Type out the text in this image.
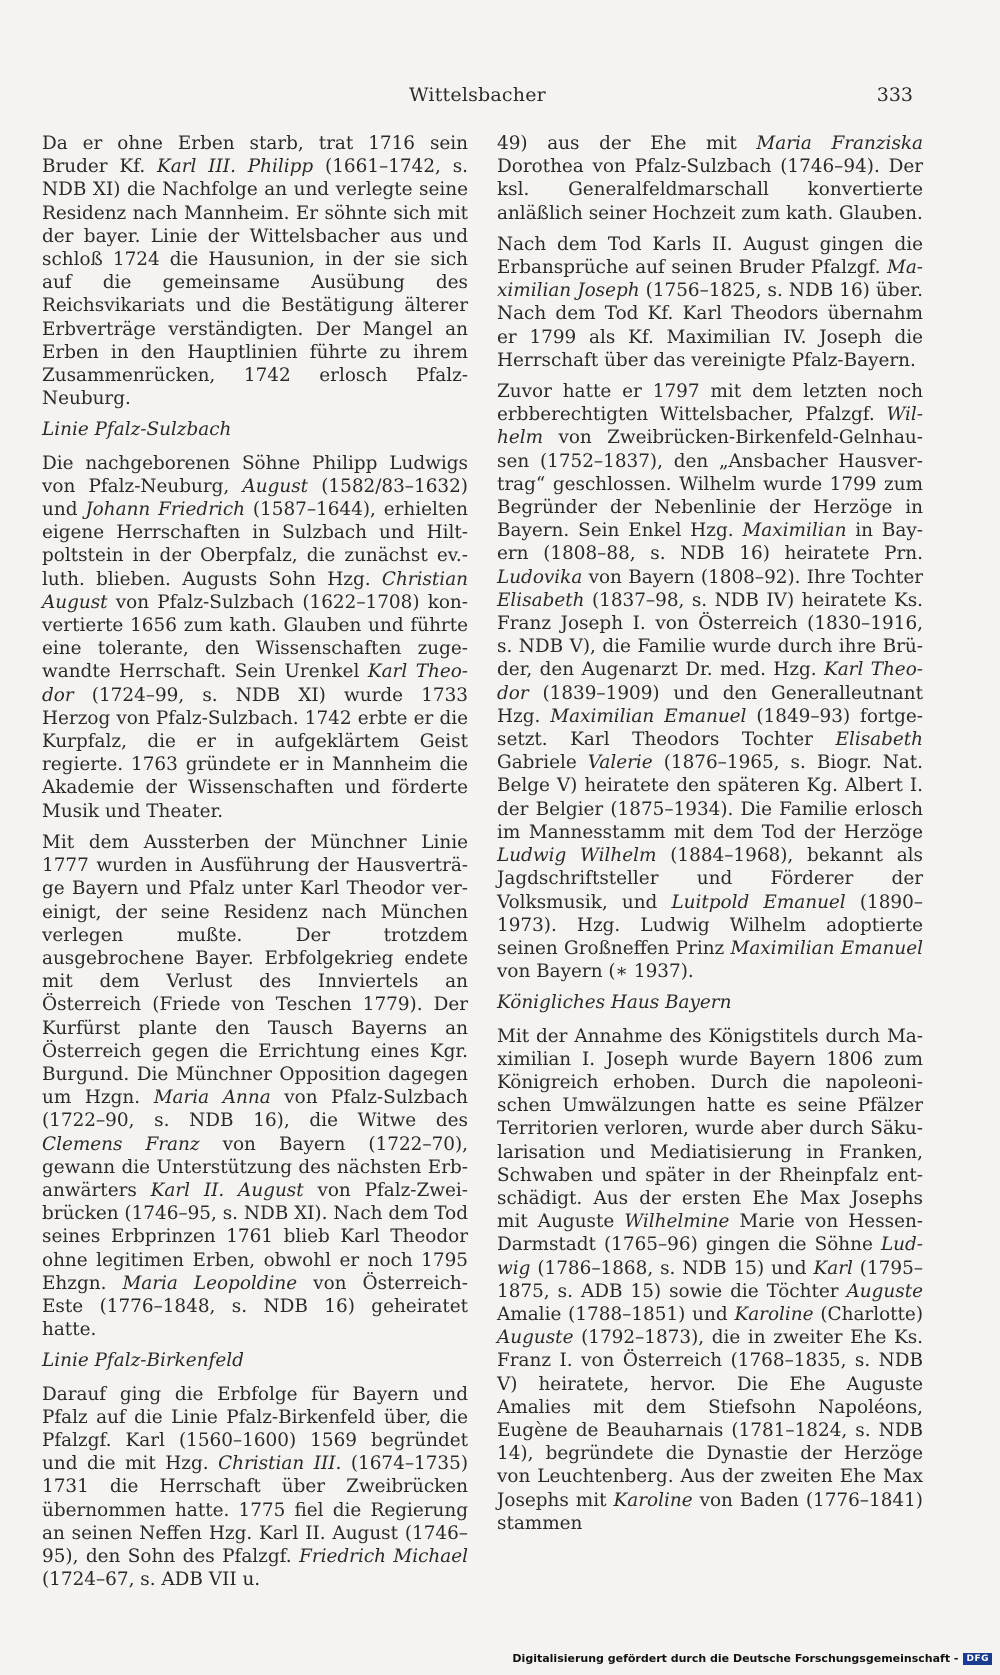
Wittelsbacher	333

Da er ohne Erben starb, trat 1716 sein Bruder Kf. Karl III. Philipp (1661–1742, s. NDB XI) die Nachfolge an und verlegte seine Residenz nach Mannheim. Er söhnte sich mit der bayer. Linie der Wittelsbacher aus und schloß 1724 die Hausunion, in der sie sich auf die gemeinsame Ausübung des Reichsvikariats und die Bestätigung älterer Erbverträge verständigten. Der Mangel an Erben in den Hauptlinien führte zu ihrem Zusammenrücken, 1742 erlosch Pfalz-Neuburg.

Linie Pfalz-Sulzbach

Die nachgeborenen Söhne Philipp Ludwigs von Pfalz-Neuburg, August (1582/83–1632) und Johann Friedrich (1587–1644), erhielten eigene Herrschaften in Sulzbach und Hiltpoltstein in der Oberpfalz, die zunächst ev.-luth. blieben. Augusts Sohn Hzg. Christian August von Pfalz-Sulzbach (1622–1708) konvertierte 1656 zum kath. Glauben und führte eine tolerante, den Wissenschaften zugewandte Herrschaft. Sein Urenkel Karl Theodor (1724–99, s. NDB XI) wurde 1733 Herzog von Pfalz-Sulzbach. 1742 erbte er die Kurpfalz, die er in aufgeklärtem Geist regierte. 1763 gründete er in Mannheim die Akademie der Wissenschaften und förderte Musik und Theater.

Mit dem Aussterben der Münchner Linie 1777 wurden in Ausführung der Hausverträge Bayern und Pfalz unter Karl Theodor vereinigt, der seine Residenz nach München verlegen mußte. Der trotzdem ausgebrochene Bayer. Erbfolgekrieg endete mit dem Verlust des Innviertels an Österreich (Friede von Teschen 1779). Der Kurfürst plante den Tausch Bayerns an Österreich gegen die Errichtung eines Kgr. Burgund. Die Münchner Opposition dagegen um Hzgn. Maria Anna von Pfalz-Sulzbach (1722–90, s. NDB 16), die Witwe des Clemens Franz von Bayern (1722–70), gewann die Unterstützung des nächsten Erbanwärters Karl II. August von Pfalz-Zweibrücken (1746–95, s. NDB XI). Nach dem Tod seines Erbprinzen 1761 blieb Karl Theodor ohne legitimen Erben, obwohl er noch 1795 Ehzgn. Maria Leopoldine von Österreich-Este (1776–1848, s. NDB 16) geheiratet hatte.

Linie Pfalz-Birkenfeld

Darauf ging die Erbfolge für Bayern und Pfalz auf die Linie Pfalz-Birkenfeld über, die Pfalzgf. Karl (1560–1600) 1569 begründet und die mit Hzg. Christian III. (1674–1735) 1731 die Herrschaft über Zweibrücken übernommen hatte. 1775 fiel die Regierung an seinen Neffen Hzg. Karl II. August (1746–95), den Sohn des Pfalzgf. Friedrich Michael (1724–67, s. ADB VII u.

49) aus der Ehe mit Maria Franziska Dorothea von Pfalz-Sulzbach (1746–94). Der ksl. Generalfeldmarschall konvertierte anläßlich seiner Hochzeit zum kath. Glauben.

Nach dem Tod Karls II. August gingen die Erbansprüche auf seinen Bruder Pfalzgf. Maximilian Joseph (1756–1825, s. NDB 16) über. Nach dem Tod Kf. Karl Theodors übernahm er 1799 als Kf. Maximilian IV. Joseph die Herrschaft über das vereinigte Pfalz-Bayern.

Zuvor hatte er 1797 mit dem letzten noch erbberechtigten Wittelsbacher, Pfalzgf. Wilhelm von Zweibrücken-Birkenfeld-Gelnhausen (1752–1837), den „Ansbacher Hausvertrag“ geschlossen. Wilhelm wurde 1799 zum Begründer der Nebenlinie der Herzöge in Bayern. Sein Enkel Hzg. Maximilian in Bayern (1808–88, s. NDB 16) heiratete Prn. Ludovika von Bayern (1808–92). Ihre Tochter Elisabeth (1837–98, s. NDB IV) heiratete Ks. Franz Joseph I. von Österreich (1830–1916, s. NDB V), die Familie wurde durch ihre Brüder, den Augenarzt Dr. med. Hzg. Karl Theodor (1839–1909) und den Generalleutnant Hzg. Maximilian Emanuel (1849–93) fortgesetzt. Karl Theodors Tochter Elisabeth Gabriele Valerie (1876–1965, s. Biogr. Nat. Belge V) heiratete den späteren Kg. Albert I. der Belgier (1875–1934). Die Familie erlosch im Mannesstamm mit dem Tod der Herzöge Ludwig Wilhelm (1884–1968), bekannt als Jagdschriftsteller und Förderer der Volksmusik, und Luitpold Emanuel (1890–1973). Hzg. Ludwig Wilhelm adoptierte seinen Großneffen Prinz Maximilian Emanuel von Bayern (∗ 1937).

Königliches Haus Bayern

Mit der Annahme des Königstitels durch Maximilian I. Joseph wurde Bayern 1806 zum Königreich erhoben. Durch die napoleonischen Umwälzungen hatte es seine Pfälzer Territorien verloren, wurde aber durch Säkularisation und Mediatisierung in Franken, Schwaben und später in der Rheinpfalz entschädigt. Aus der ersten Ehe Max Josephs mit Auguste Wilhelmine Marie von Hessen-Darmstadt (1765–96) gingen die Söhne Ludwig (1786–1868, s. NDB 15) und Karl (1795–1875, s. ADB 15) sowie die Töchter Auguste Amalie (1788–1851) und Karoline (Charlotte) Auguste (1792–1873), die in zweiter Ehe Ks. Franz I. von Österreich (1768–1835, s. NDB V) heiratete, hervor. Die Ehe Auguste Amalies mit dem Stiefsohn Napoléons, Eugène de Beauharnais (1781–1824, s. NDB 14), begründete die Dynastie der Herzöge von Leuchtenberg. Aus der zweiten Ehe Max Josephs mit Karoline von Baden (1776–1841) stammen

Digitalisierung gefördert durch die Deutsche Forschungsgemeinschaft - DFG
